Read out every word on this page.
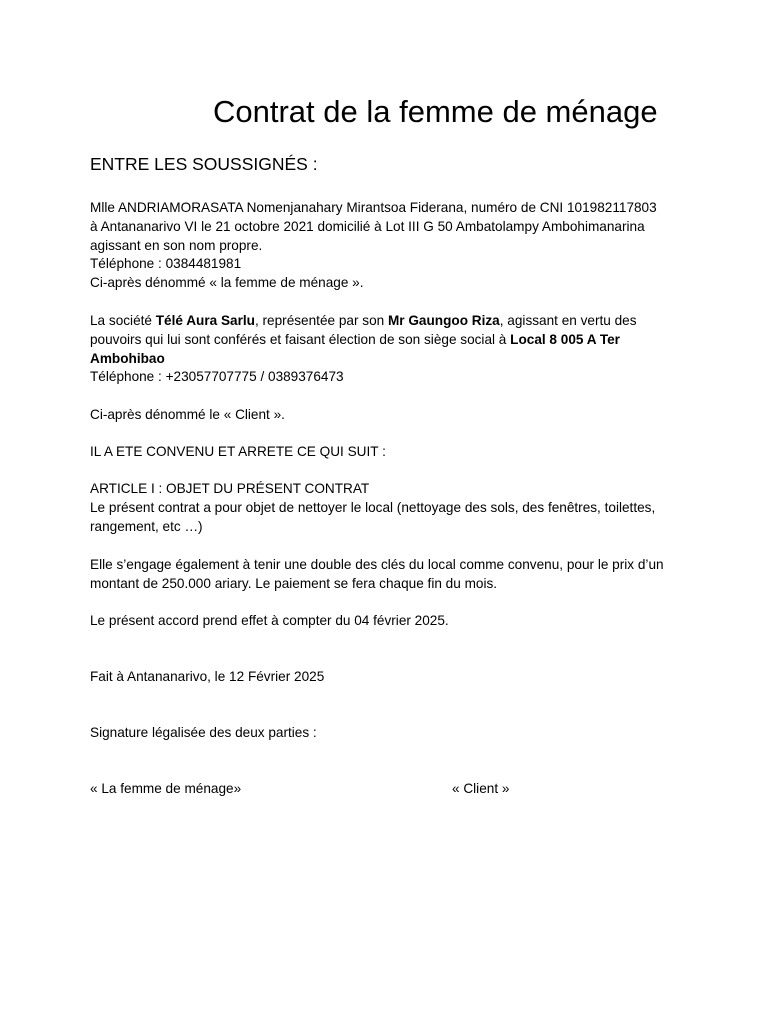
Contrat de la femme de ménage
ENTRE LES SOUSSIGNÉS :
Mlle ANDRIAMORASATA Nomenjanahary Mirantsoa Fiderana, numéro de CNI 101982117803
à Antananarivo VI le 21 octobre 2021 domicilié à Lot III G 50 Ambatolampy Ambohimanarina
agissant en son nom propre.
Téléphone : 0384481981
Ci-après dénommé « la femme de ménage ».
La société Télé Aura Sarlu, représentée par son Mr Gaungoo Riza, agissant en vertu des
pouvoirs qui lui sont conférés et faisant élection de son siège social à Local 8 005 A Ter
Ambohibao
Téléphone : +23057707775 / 0389376473
Ci-après dénommé le « Client ».
IL A ETE CONVENU ET ARRETE CE QUI SUIT :
ARTICLE I : OBJET DU PRÉSENT CONTRAT
Le présent contrat a pour objet de nettoyer le local (nettoyage des sols, des fenêtres, toilettes,
rangement, etc …)
Elle s’engage également à tenir une double des clés du local comme convenu, pour le prix d’un
montant de 250.000 ariary. Le paiement se fera chaque fin du mois.
Le présent accord prend effet à compter du 04 février 2025.
Fait à Antananarivo, le 12 Février 2025
Signature légalisée des deux parties :
« La femme de ménage»	« Client »
